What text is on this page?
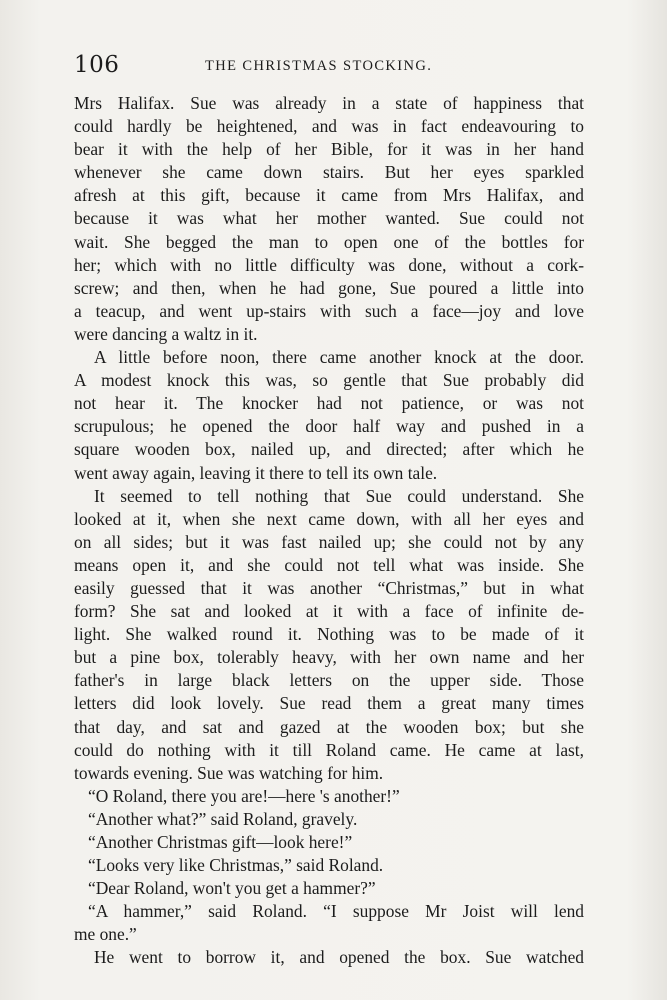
106	THE CHRISTMAS STOCKING.
Mrs Halifax. Sue was already in a state of happiness that
could hardly be heightened, and was in fact endeavouring to
bear it with the help of her Bible, for it was in her hand
whenever she came down stairs. But her eyes sparkled
afresh at this gift, because it came from Mrs Halifax, and
because it was what her mother wanted. Sue could not
wait. She begged the man to open one of the bottles for
her; which with no little difficulty was done, without a cork-
screw; and then, when he had gone, Sue poured a little into
a teacup, and went up-stairs with such a face—joy and love
were dancing a waltz in it.
A little before noon, there came another knock at the door.
A modest knock this was, so gentle that Sue probably did
not hear it. The knocker had not patience, or was not
scrupulous; he opened the door half way and pushed in a
square wooden box, nailed up, and directed; after which he
went away again, leaving it there to tell its own tale.
It seemed to tell nothing that Sue could understand. She
looked at it, when she next came down, with all her eyes and
on all sides; but it was fast nailed up; she could not by any
means open it, and she could not tell what was inside. She
easily guessed that it was another “Christmas,” but in what
form? She sat and looked at it with a face of infinite de-
light. She walked round it. Nothing was to be made of it
but a pine box, tolerably heavy, with her own name and her
father's in large black letters on the upper side. Those
letters did look lovely. Sue read them a great many times
that day, and sat and gazed at the wooden box; but she
could do nothing with it till Roland came. He came at last,
towards evening. Sue was watching for him.
“O Roland, there you are!—here 's another!”
“Another what?” said Roland, gravely.
“Another Christmas gift—look here!”
“Looks very like Christmas,” said Roland.
“Dear Roland, won't you get a hammer?”
“A hammer,” said Roland. “I suppose Mr Joist will lend
me one.”
He went to borrow it, and opened the box. Sue watched
